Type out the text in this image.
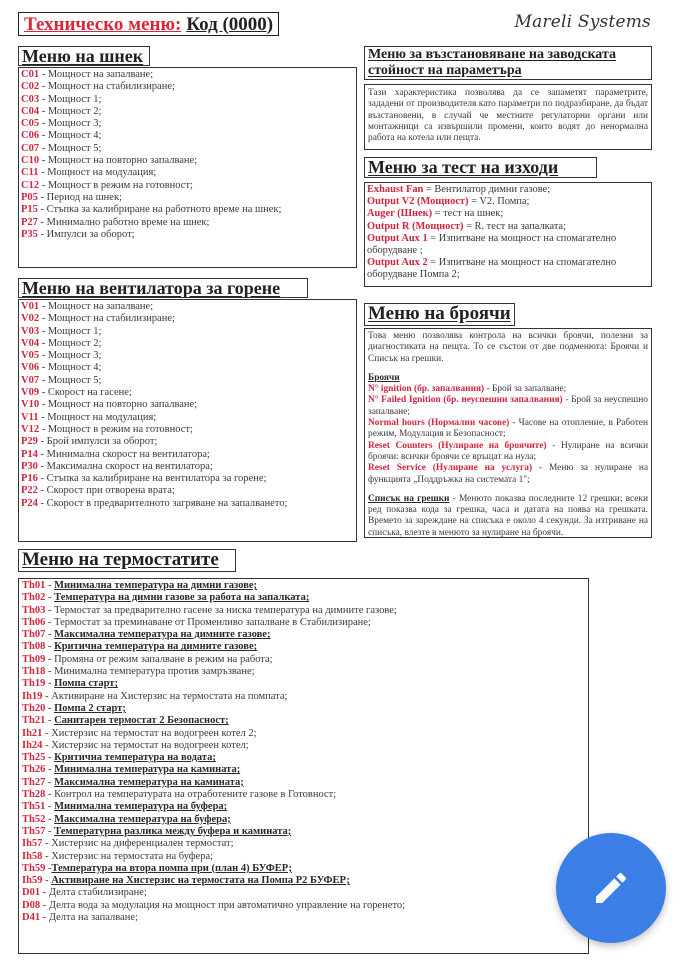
Техническо меню: Код (0000)	Mareli Systems
Меню на шнек
C01 - Мощност на запалване;
C02 - Мощност на стабилизиране;
C03 - Мощност 1;
C04 - Мощност 2;
C05 - Мощност 3;
C06 - Мощност 4;
C07 - Мощност 5;
C10 - Мощност на повторно запалване;
C11 - Мощност на модулация;
C12 - Мощност в режим на готовност;
P05 - Период на шнек;
P15 - Стъпка за калибриране на работното време на шнек;
P27 - Минимално работно време на шнек;
P35 - Импулси за оборот;
Меню на вентилатора за горене
V01 - Мощност на запалване;
V02 - Мощност на стабилизиране;
V03 - Мощност 1;
V04 - Мощност 2;
V05 - Мощност 3;
V06 - Мощност 4;
V07 - Мощност 5;
V09 - Скорост на гасене;
V10 - Мощност на повторно запалване;
V11 - Мощност на модулация;
V12 - Мощност в режим на готовност;
P29 - Брой импулси за оборот;
P14 - Минимална скорост на вентилатора;
P30 - Максимална скорост на вентилатора;
P16 - Стъпка за калибриране на вентилатора за горене;
P22 - Скорост при отворена врата;
P24 - Скорост в предварителното загряване на запалването;
Меню за възстановяване на заводската
стойност на параметъра
Тази характеристика позволява да се запаметят параметрите, зададени от производителя като параметри по подразбиране, да бъдат възстановени, в случай че местните регулаторни органи или монтажници са извършили промени, които водят до ненормална работа на котела или пещта.
Меню за тест на изходи
Exhaust Fan = Вентилатор димни газове;
Output V2 (Мощност) = V2. Помпа;
Auger (Шнек) = тест на шнек;
Output R (Мощност) = R. тест на запалката;
Output Aux 1 = Изпитване на мощност на спомагателно оборудване ;
Output Aux 2 = Изпитване на мощност на спомагателно оборудване Помпа 2;
Меню на броячи
Това меню позволява контрола на всички броячи, полезни за диагностиката на пещта. То се състои от две подменюта: Броячи и Списък на грешки.
Броячи
N° ignition (бр. запалвания) - Брой за запалване;
N° Failed Ignition (бр. неуспешни запалвания) - Брой за неуспешно запалване;
Normal hours (Нормални часове) - Часове на отопление, в Работен режим, Модулация и Безопасност;
Reset Counters (Нулиране на броячите) - Нулиране на всички броячи: всички броячи се връщат на нула;
Reset Service (Нулиране на услуга) - Меню за нулиране на функцията „Поддръжка на системата 1";
Списък на грешки - Менюто показва последните 12 грешки; всеки ред показва кода за грешка, часа и датата на поява на грешката. Времето за зареждане на списъка е около 4 секунди. За изтриване на списъка, влезте в менюто за нулиране на броячи.
Меню на термостатите
Th01 - Минимална температура на димни газове;
Th02 - Температура на димни газове за работа на запалката;
Th03 - Термостат за предварително гасене за ниска температура на димните газове;
Th06 - Термостат за преминаване от Променливо запалване в Стабилизиране;
Th07 - Максимална температура на димните газове;
Th08 - Критична температура на димните газове;
Th09 - Промяна от режим запалване в режим на работа;
Th18 - Минимална температура против замръзване;
Th19 - Помпа старт;
Ih19 - Активиране на Хистерзис на термостата на помпата;
Th20 - Помпа 2 старт;
Th21 - Санитарен термостат 2 Безопасност;
Ih21 - Хистерзис на термостат на водогреен котел 2;
Ih24 - Хистерзис на термостат на водогреен котел;
Th25 - Критична температура на водата;
Th26 - Минимална температура на камината;
Th27 - Максимална температура на камината;
Th28 - Контрол на температурата на отработените газове в Готовност;
Th51 - Минимална температура на буфера;
Th52 - Максимална температура на буфера;
Th57 - Температурна разлика между буфера и камината;
Ih57 - Хистерзис на диференциален термостат;
Ih58 - Хистерзис на термостата на буфера;
Th59 -Температура на втора помпа при (план 4) БУФЕР;
Ih59 - Активиране на Хистерзис на термостата на Помпа P2 БУФЕР;
D01 - Делта стабилизиране;
D08 - Делта вода за модулация на мощност при автоматично управление на горенето;
D41 - Делта на запалване;
